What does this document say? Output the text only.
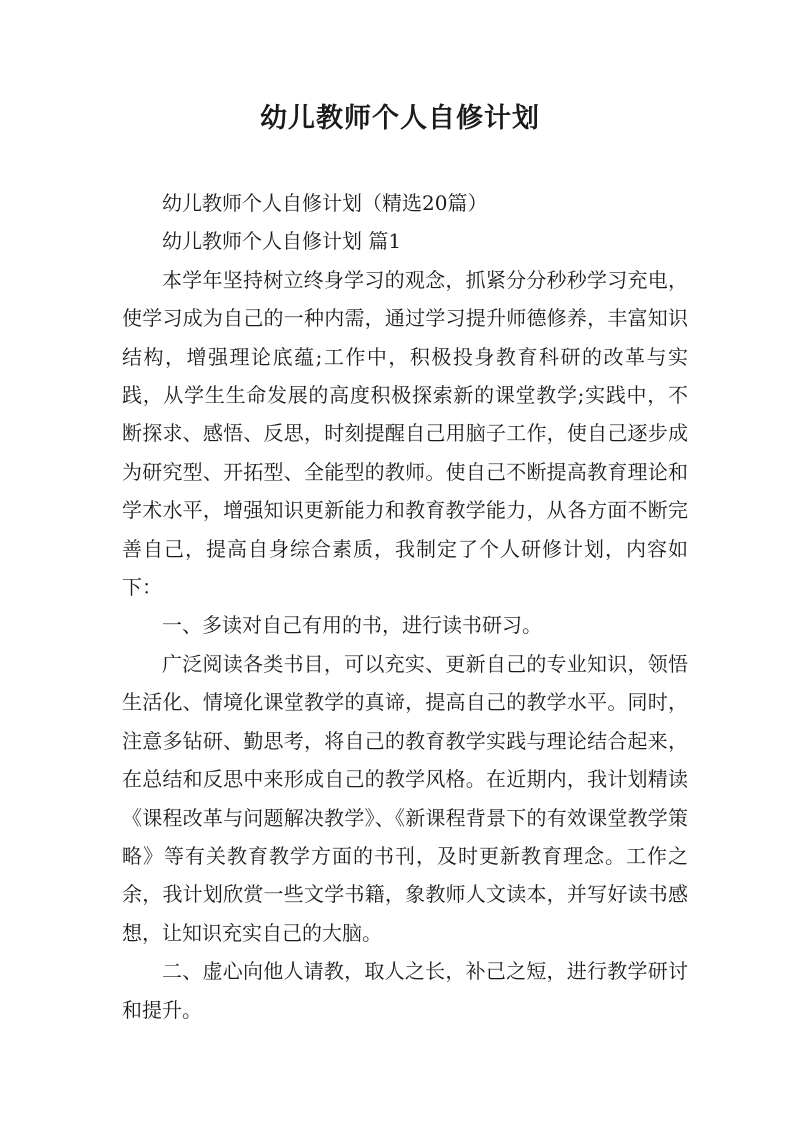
幼儿教师个人自修计划

幼儿教师个人自修计划（精选20篇）

幼儿教师个人自修计划 篇1

本学年坚持树立终身学习的观念，抓紧分分秒秒学习充电，使学习成为自己的一种内需，通过学习提升师德修养，丰富知识结构，增强理论底蕴;工作中，积极投身教育科研的改革与实践，从学生生命发展的高度积极探索新的课堂教学;实践中，不断探求、感悟、反思，时刻提醒自己用脑子工作，使自己逐步成为研究型、开拓型、全能型的教师。使自己不断提高教育理论和学术水平，增强知识更新能力和教育教学能力，从各方面不断完善自己，提高自身综合素质，我制定了个人研修计划，内容如下：

一、多读对自己有用的书，进行读书研习。

广泛阅读各类书目，可以充实、更新自己的专业知识，领悟生活化、情境化课堂教学的真谛，提高自己的教学水平。同时，注意多钻研、勤思考，将自己的教育教学实践与理论结合起来，在总结和反思中来形成自己的教学风格。在近期内，我计划精读《课程改革与问题解决教学》、《新课程背景下的有效课堂教学策略》等有关教育教学方面的书刊，及时更新教育理念。工作之余，我计划欣赏一些文学书籍，象教师人文读本，并写好读书感想，让知识充实自己的大脑。

二、虚心向他人请教，取人之长，补己之短，进行教学研讨和提升。
